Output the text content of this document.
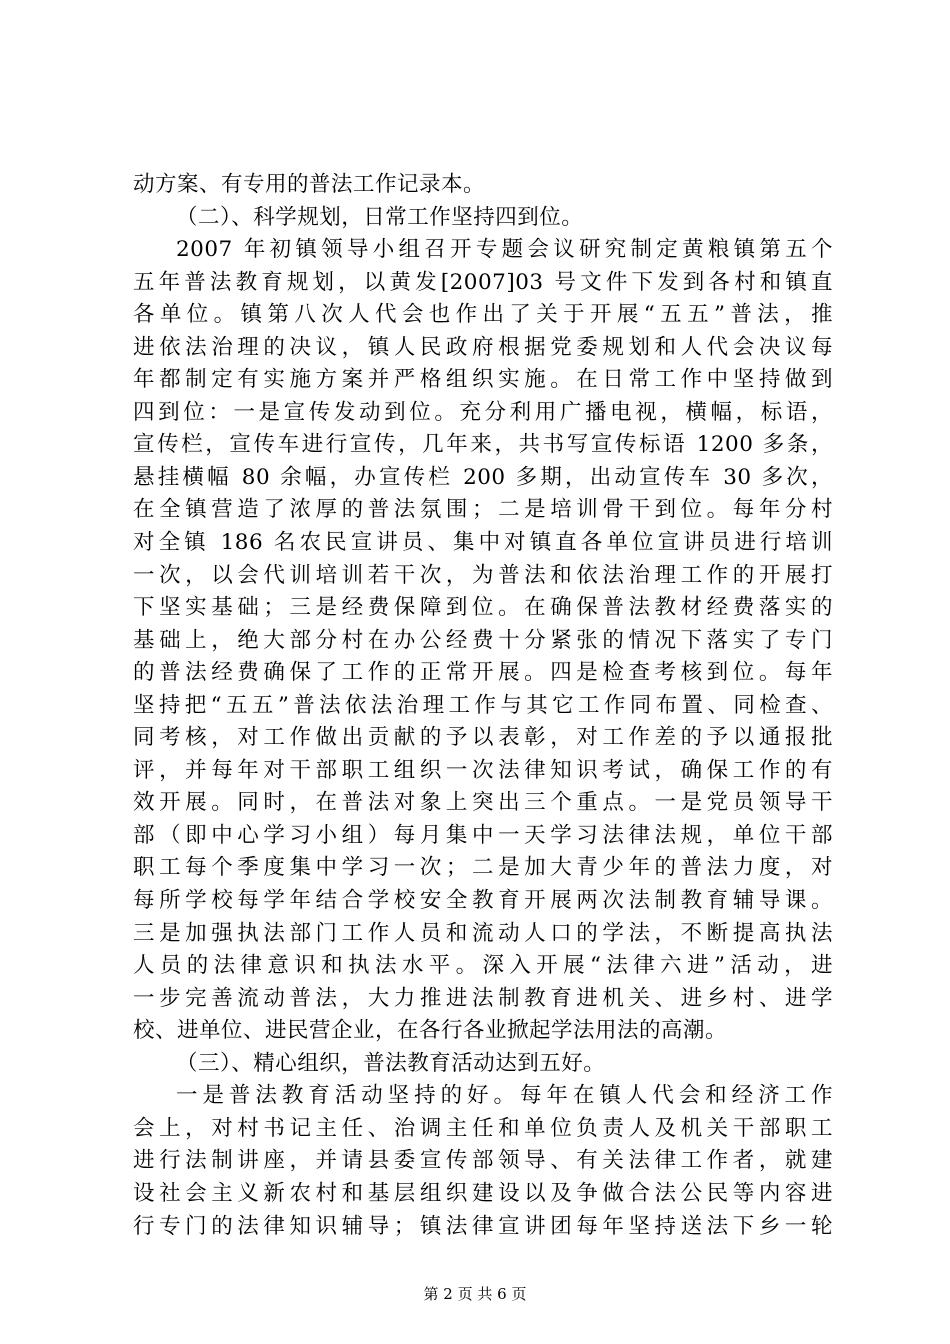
动方案、有专用的普法工作记录本。
（二）、科学规划，日常工作坚持四到位。
2007 年初镇领导小组召开专题会议研究制定黄粮镇第五个
五年普法教育规划，以黄发[2007]03 号文件下发到各村和镇直
各单位。镇第八次人代会也作出了关于开展“五五”普法，推
进依法治理的决议，镇人民政府根据党委规划和人代会决议每
年都制定有实施方案并严格组织实施。在日常工作中坚持做到
四到位：一是宣传发动到位。充分利用广播电视，横幅，标语，
宣传栏，宣传车进行宣传，几年来，共书写宣传标语 1200 多条，
悬挂横幅 80 余幅，办宣传栏 200 多期，出动宣传车 30 多次，
在全镇营造了浓厚的普法氛围；二是培训骨干到位。每年分村
对全镇 186 名农民宣讲员、集中对镇直各单位宣讲员进行培训
一次，以会代训培训若干次，为普法和依法治理工作的开展打
下坚实基础；三是经费保障到位。在确保普法教材经费落实的
基础上，绝大部分村在办公经费十分紧张的情况下落实了专门
的普法经费确保了工作的正常开展。四是检查考核到位。每年
坚持把“五五”普法依法治理工作与其它工作同布置、同检查、
同考核，对工作做出贡献的予以表彰，对工作差的予以通报批
评，并每年对干部职工组织一次法律知识考试，确保工作的有
效开展。同时，在普法对象上突出三个重点。一是党员领导干
部（即中心学习小组）每月集中一天学习法律法规，单位干部
职工每个季度集中学习一次；二是加大青少年的普法力度，对
每所学校每学年结合学校安全教育开展两次法制教育辅导课。
三是加强执法部门工作人员和流动人口的学法，不断提高执法
人员的法律意识和执法水平。深入开展“法律六进”活动，进
一步完善流动普法，大力推进法制教育进机关、进乡村、进学
校、进单位、进民营企业，在各行各业掀起学法用法的高潮。
（三）、精心组织，普法教育活动达到五好。
一是普法教育活动坚持的好。每年在镇人代会和经济工作
会上，对村书记主任、治调主任和单位负责人及机关干部职工
进行法制讲座，并请县委宣传部领导、有关法律工作者，就建
设社会主义新农村和基层组织建设以及争做合法公民等内容进
行专门的法律知识辅导；镇法律宣讲团每年坚持送法下乡一轮
第 2 页 共 6 页
